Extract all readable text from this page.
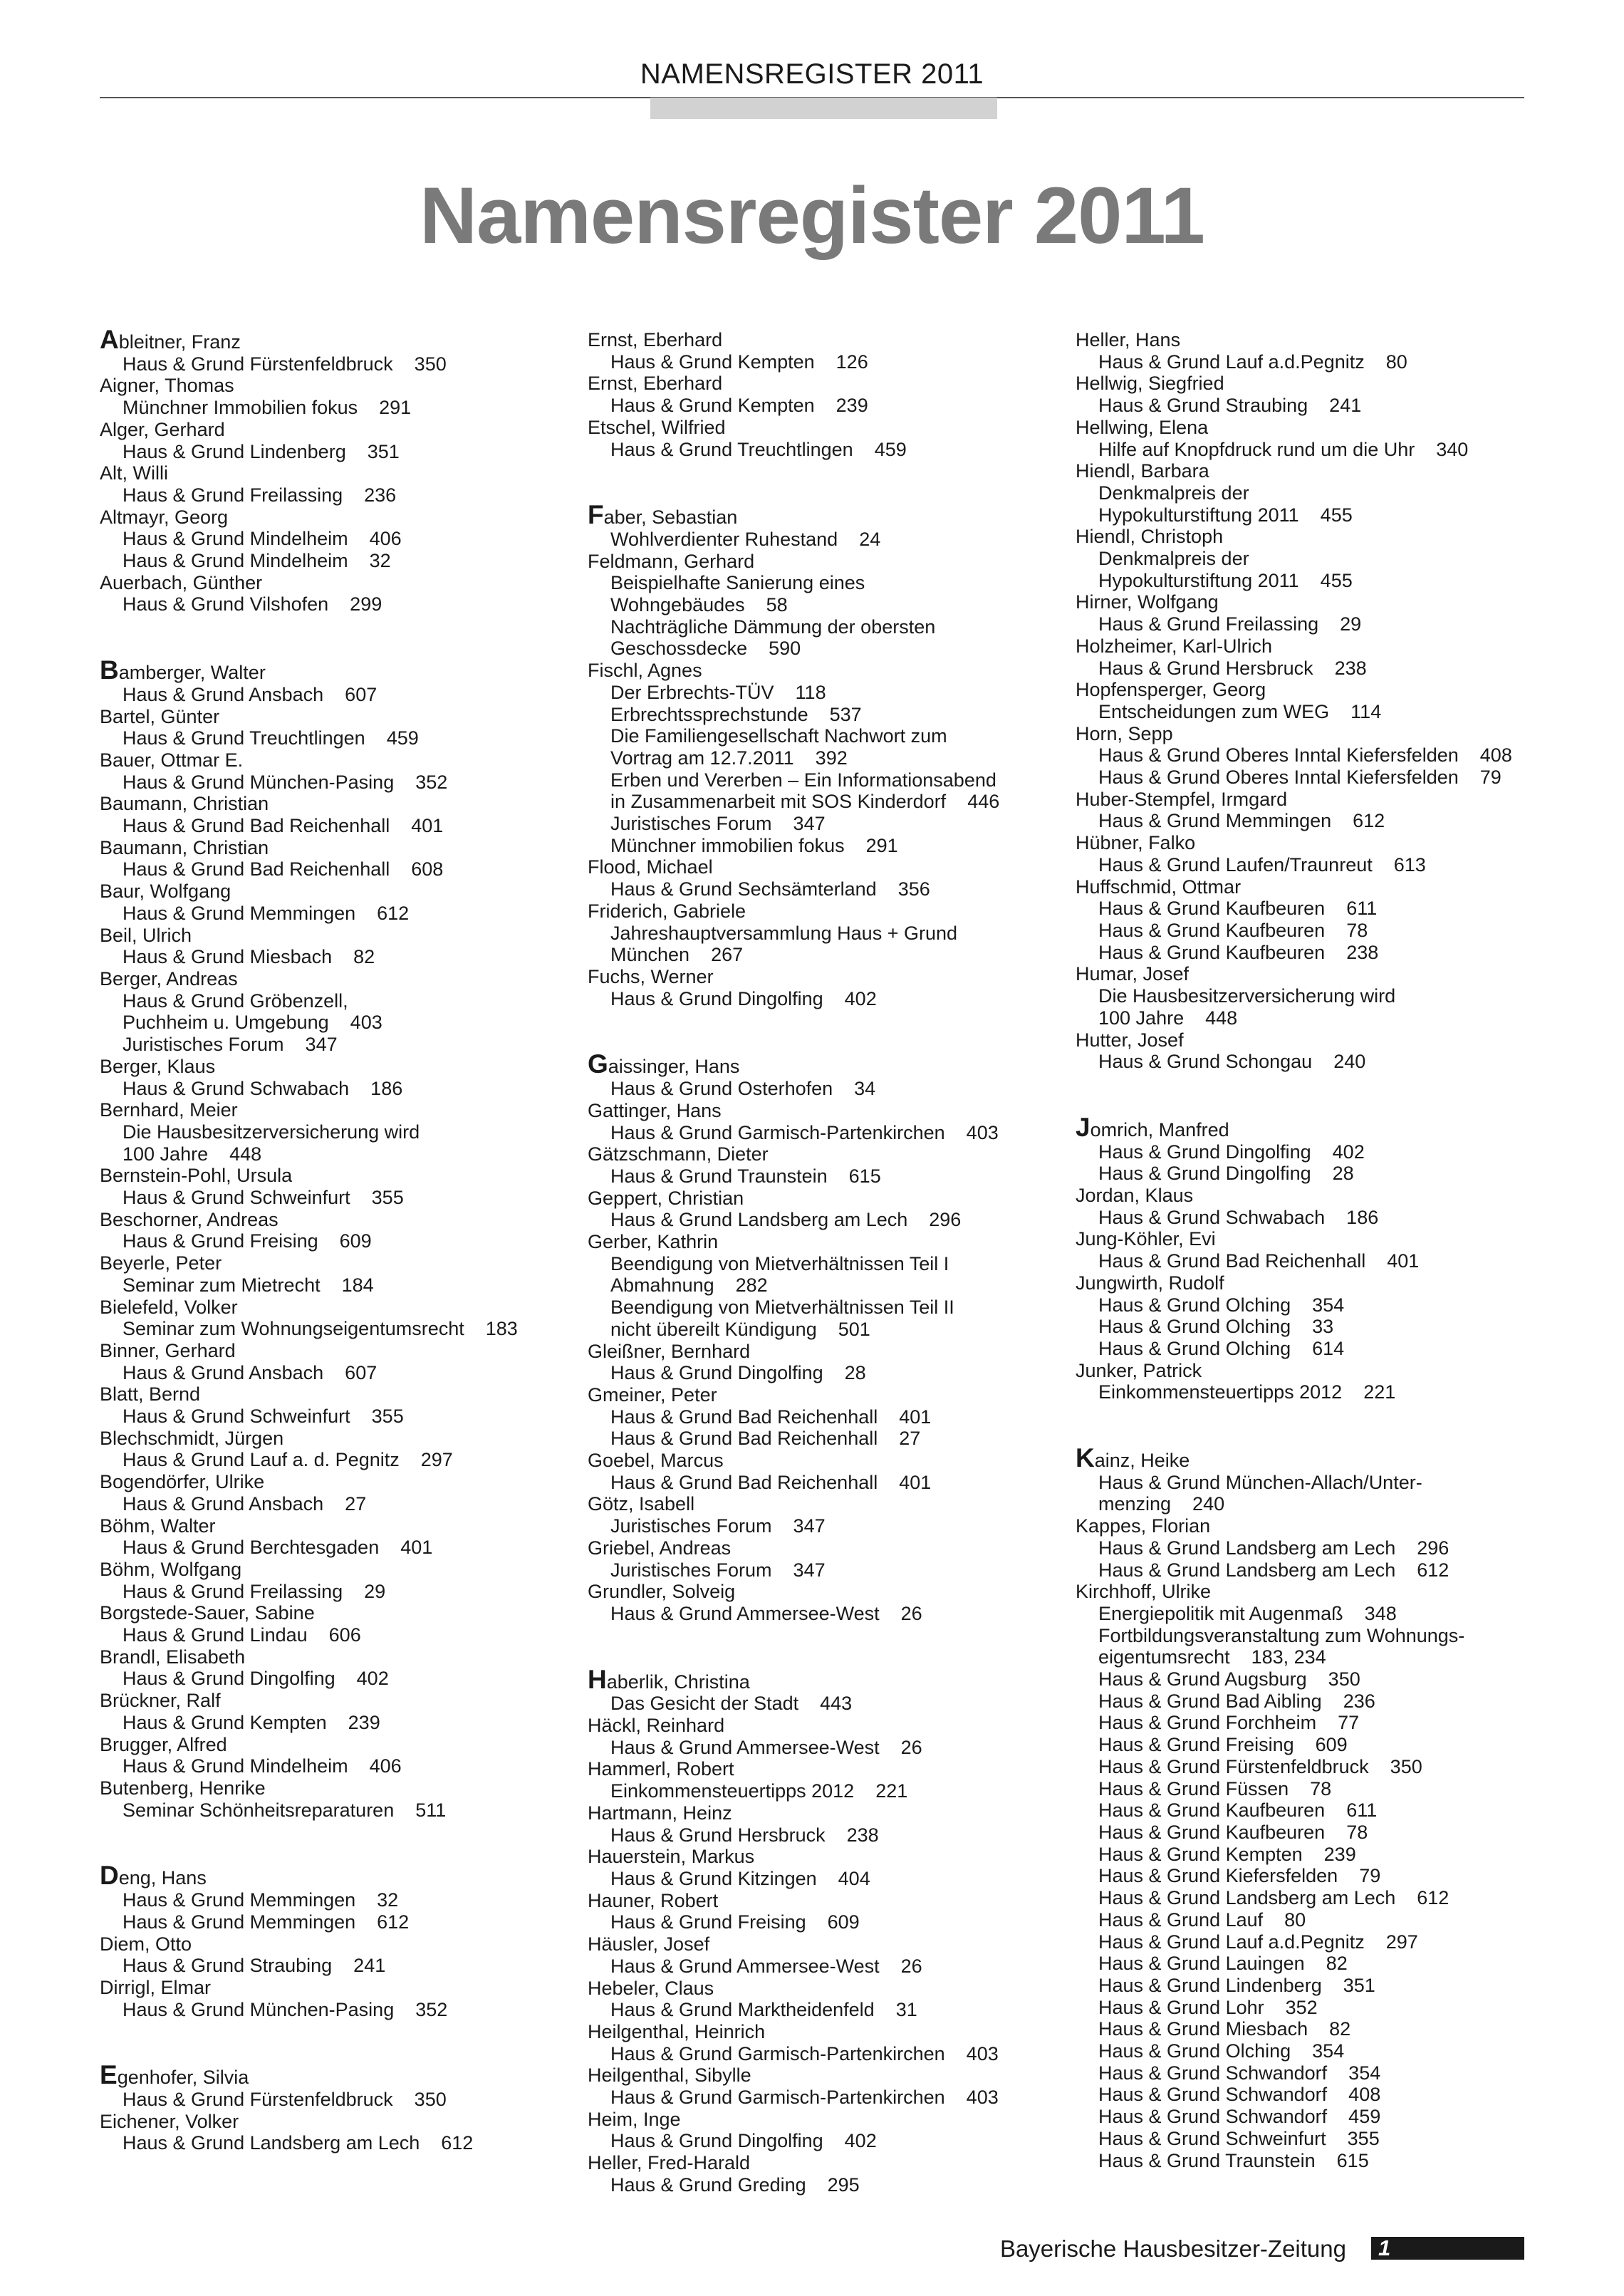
NAMENSREGISTER 2011
Namensregister 2011
Ableitner, Franz
Haus & Grund Fürstenfeldbruck    350
Aigner, Thomas
Münchner Immobilien fokus    291
Alger, Gerhard
Haus & Grund Lindenberg    351
Alt, Willi
Haus & Grund Freilassing    236
Altmayr, Georg
Haus & Grund Mindelheim    406
Haus & Grund Mindelheim    32
Auerbach, Günther
Haus & Grund Vilshofen    299
Bamberger, Walter
Haus & Grund Ansbach    607
Bartel, Günter
Haus & Grund Treuchtlingen    459
Bauer, Ottmar E.
Haus & Grund München-Pasing    352
Baumann, Christian
Haus & Grund Bad Reichenhall    401
Baumann, Christian
Haus & Grund Bad Reichenhall    608
Baur, Wolfgang
Haus & Grund Memmingen    612
Beil, Ulrich
Haus & Grund Miesbach    82
Berger, Andreas
Haus & Grund Gröbenzell,
Puchheim u. Umgebung    403
Juristisches Forum    347
Berger, Klaus
Haus & Grund Schwabach    186
Bernhard, Meier
Die Hausbesitzerversicherung wird
100 Jahre    448
Bernstein-Pohl, Ursula
Haus & Grund Schweinfurt    355
Beschorner, Andreas
Haus & Grund Freising    609
Beyerle, Peter
Seminar zum Mietrecht    184
Bielefeld, Volker
Seminar zum Wohnungseigentumsrecht    183
Binner, Gerhard
Haus & Grund Ansbach    607
Blatt, Bernd
Haus & Grund Schweinfurt    355
Blechschmidt, Jürgen
Haus & Grund Lauf a. d. Pegnitz    297
Bogendörfer, Ulrike
Haus & Grund Ansbach    27
Böhm, Walter
Haus & Grund Berchtesgaden    401
Böhm, Wolfgang
Haus & Grund Freilassing    29
Borgstede-Sauer, Sabine
Haus & Grund Lindau    606
Brandl, Elisabeth
Haus & Grund Dingolfing    402
Brückner, Ralf
Haus & Grund Kempten    239
Brugger, Alfred
Haus & Grund Mindelheim    406
Butenberg, Henrike
Seminar Schönheitsreparaturen    511
Deng, Hans
Haus & Grund Memmingen    32
Haus & Grund Memmingen    612
Diem, Otto
Haus & Grund Straubing    241
Dirrigl, Elmar
Haus & Grund München-Pasing    352
Egenhofer, Silvia
Haus & Grund Fürstenfeldbruck    350
Eichener, Volker
Haus & Grund Landsberg am Lech    612
Ernst, Eberhard
Haus & Grund Kempten    126
Ernst, Eberhard
Haus & Grund Kempten    239
Etschel, Wilfried
Haus & Grund Treuchtlingen    459
Faber, Sebastian
Wohlverdienter Ruhestand    24
Feldmann, Gerhard
Beispielhafte Sanierung eines
Wohngebäudes    58
Nachträgliche Dämmung der obersten
Geschossdecke    590
Fischl, Agnes
Der Erbrechts-TÜV    118
Erbrechtssprechstunde    537
Die Familiengesellschaft Nachwort zum
Vortrag am 12.7.2011    392
Erben und Vererben – Ein Informationsabend
in Zusammenarbeit mit SOS Kinderdorf    446
Juristisches Forum    347
Münchner immobilien fokus    291
Flood, Michael
Haus & Grund Sechsämterland    356
Friderich, Gabriele
Jahreshauptversammlung Haus + Grund
München    267
Fuchs, Werner
Haus & Grund Dingolfing    402
Gaissinger, Hans
Haus & Grund Osterhofen    34
Gattinger, Hans
Haus & Grund Garmisch-Partenkirchen    403
Gätzschmann, Dieter
Haus & Grund Traunstein    615
Geppert, Christian
Haus & Grund Landsberg am Lech    296
Gerber, Kathrin
Beendigung von Mietverhältnissen Teil I
Abmahnung    282
Beendigung von Mietverhältnissen Teil II
nicht übereilt Kündigung    501
Gleißner, Bernhard
Haus & Grund Dingolfing    28
Gmeiner, Peter
Haus & Grund Bad Reichenhall    401
Haus & Grund Bad Reichenhall    27
Goebel, Marcus
Haus & Grund Bad Reichenhall    401
Götz, Isabell
Juristisches Forum    347
Griebel, Andreas
Juristisches Forum    347
Grundler, Solveig
Haus & Grund Ammersee-West    26
Haberlik, Christina
Das Gesicht der Stadt    443
Häckl, Reinhard
Haus & Grund Ammersee-West    26
Hammerl, Robert
Einkommensteuertipps 2012    221
Hartmann, Heinz
Haus & Grund Hersbruck    238
Hauerstein, Markus
Haus & Grund Kitzingen    404
Hauner, Robert
Haus & Grund Freising    609
Häusler, Josef
Haus & Grund Ammersee-West    26
Hebeler, Claus
Haus & Grund Marktheidenfeld    31
Heilgenthal, Heinrich
Haus & Grund Garmisch-Partenkirchen    403
Heilgenthal, Sibylle
Haus & Grund Garmisch-Partenkirchen    403
Heim, Inge
Haus & Grund Dingolfing    402
Heller, Fred-Harald
Haus & Grund Greding    295
Heller, Hans
Haus & Grund Lauf a.d.Pegnitz    80
Hellwig, Siegfried
Haus & Grund Straubing    241
Hellwing, Elena
Hilfe auf Knopfdruck rund um die Uhr    340
Hiendl, Barbara
Denkmalpreis der
Hypokulturstiftung 2011    455
Hiendl, Christoph
Denkmalpreis der
Hypokulturstiftung 2011    455
Hirner, Wolfgang
Haus & Grund Freilassing    29
Holzheimer, Karl-Ulrich
Haus & Grund Hersbruck    238
Hopfensperger, Georg
Entscheidungen zum WEG    114
Horn, Sepp
Haus & Grund Oberes Inntal Kiefersfelden    408
Haus & Grund Oberes Inntal Kiefersfelden    79
Huber-Stempfel, Irmgard
Haus & Grund Memmingen    612
Hübner, Falko
Haus & Grund Laufen/Traunreut    613
Huffschmid, Ottmar
Haus & Grund Kaufbeuren    611
Haus & Grund Kaufbeuren    78
Haus & Grund Kaufbeuren    238
Humar, Josef
Die Hausbesitzerversicherung wird
100 Jahre    448
Hutter, Josef
Haus & Grund Schongau    240
Jomrich, Manfred
Haus & Grund Dingolfing    402
Haus & Grund Dingolfing    28
Jordan, Klaus
Haus & Grund Schwabach    186
Jung-Köhler, Evi
Haus & Grund Bad Reichenhall    401
Jungwirth, Rudolf
Haus & Grund Olching    354
Haus & Grund Olching    33
Haus & Grund Olching    614
Junker, Patrick
Einkommensteuertipps 2012    221
Kainz, Heike
Haus & Grund München-Allach/Unter-
menzing    240
Kappes, Florian
Haus & Grund Landsberg am Lech    296
Haus & Grund Landsberg am Lech    612
Kirchhoff, Ulrike
Energiepolitik mit Augenmaß    348
Fortbildungsveranstaltung zum Wohnungs-
eigentumsrecht    183, 234
Haus & Grund Augsburg    350
Haus & Grund Bad Aibling    236
Haus & Grund Forchheim    77
Haus & Grund Freising    609
Haus & Grund Fürstenfeldbruck    350
Haus & Grund Füssen    78
Haus & Grund Kaufbeuren    611
Haus & Grund Kaufbeuren    78
Haus & Grund Kempten    239
Haus & Grund Kiefersfelden    79
Haus & Grund Landsberg am Lech    612
Haus & Grund Lauf    80
Haus & Grund Lauf a.d.Pegnitz    297
Haus & Grund Lauingen    82
Haus & Grund Lindenberg    351
Haus & Grund Lohr    352
Haus & Grund Miesbach    82
Haus & Grund Olching    354
Haus & Grund Schwandorf    354
Haus & Grund Schwandorf    408
Haus & Grund Schwandorf    459
Haus & Grund Schweinfurt    355
Haus & Grund Traunstein    615
Bayerische Hausbesitzer-Zeitung 1
